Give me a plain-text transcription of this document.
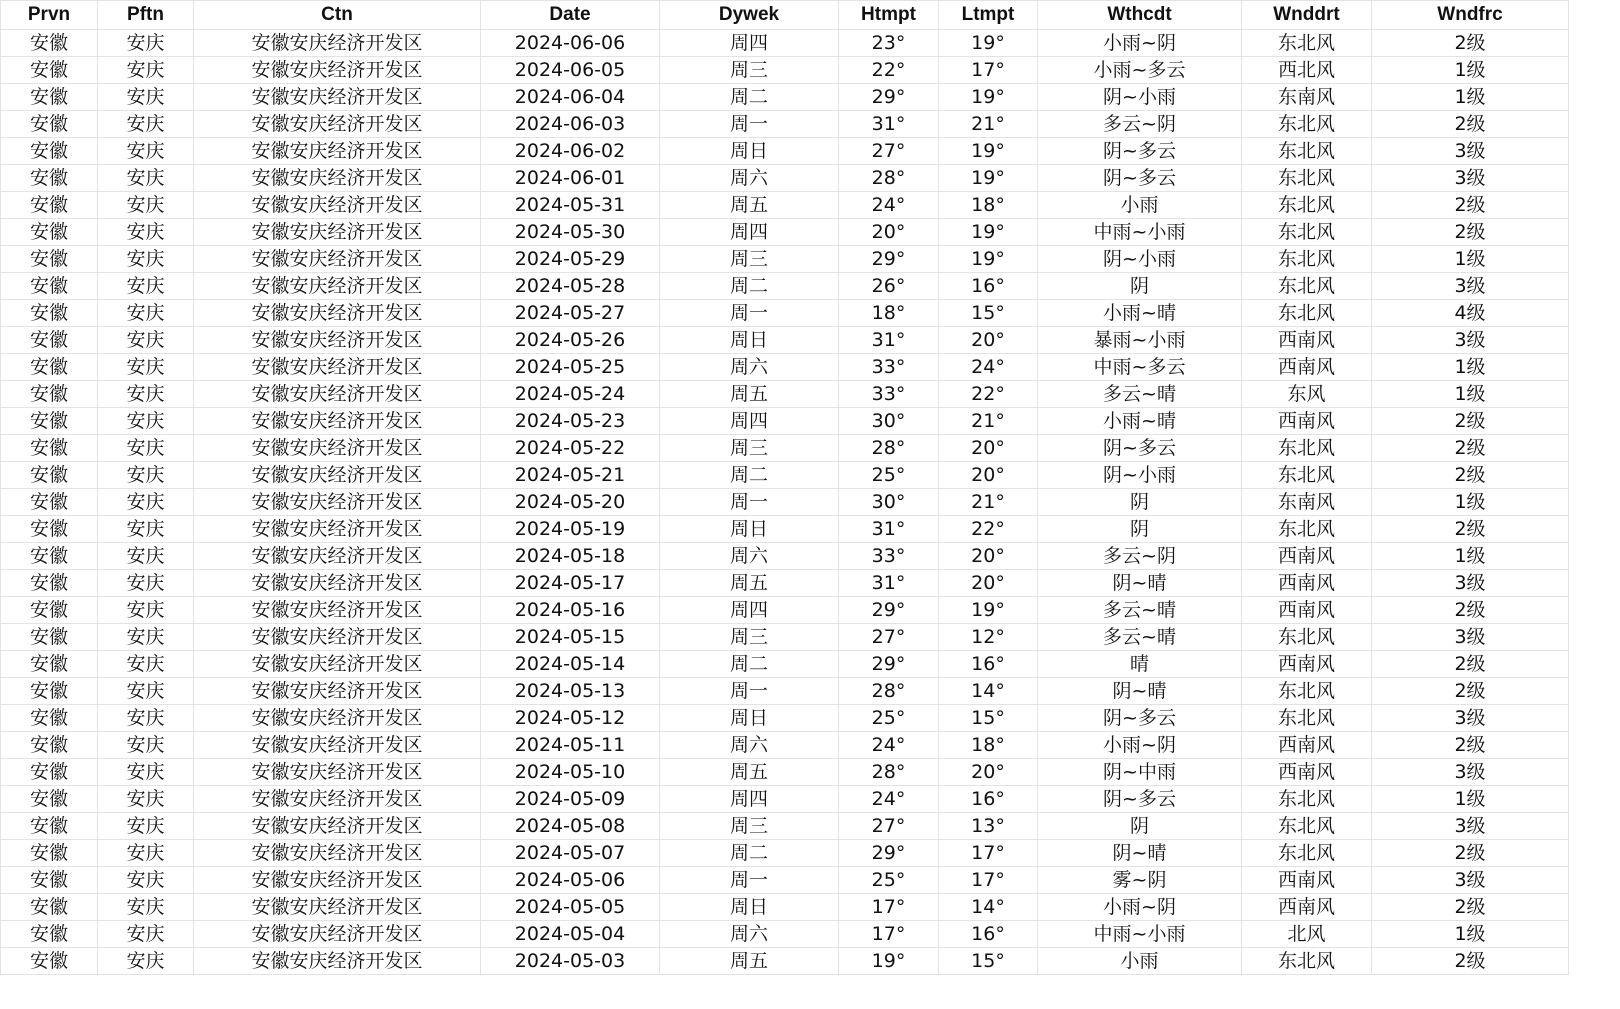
Prvn	Pftn	Ctn	Date	Dywek	Htmpt	Ltmpt	Wthcdt	Wnddrt	Wndfrc
安徽	安庆	安徽安庆经济开发区	2024-06-06	周四	23°	19°	小雨~阴	东北风	2级
安徽	安庆	安徽安庆经济开发区	2024-06-05	周三	22°	17°	小雨~多云	西北风	1级
安徽	安庆	安徽安庆经济开发区	2024-06-04	周二	29°	19°	阴~小雨	东南风	1级
安徽	安庆	安徽安庆经济开发区	2024-06-03	周一	31°	21°	多云~阴	东北风	2级
安徽	安庆	安徽安庆经济开发区	2024-06-02	周日	27°	19°	阴~多云	东北风	3级
安徽	安庆	安徽安庆经济开发区	2024-06-01	周六	28°	19°	阴~多云	东北风	3级
安徽	安庆	安徽安庆经济开发区	2024-05-31	周五	24°	18°	小雨	东北风	2级
安徽	安庆	安徽安庆经济开发区	2024-05-30	周四	20°	19°	中雨~小雨	东北风	2级
安徽	安庆	安徽安庆经济开发区	2024-05-29	周三	29°	19°	阴~小雨	东北风	1级
安徽	安庆	安徽安庆经济开发区	2024-05-28	周二	26°	16°	阴	东北风	3级
安徽	安庆	安徽安庆经济开发区	2024-05-27	周一	18°	15°	小雨~晴	东北风	4级
安徽	安庆	安徽安庆经济开发区	2024-05-26	周日	31°	20°	暴雨~小雨	西南风	3级
安徽	安庆	安徽安庆经济开发区	2024-05-25	周六	33°	24°	中雨~多云	西南风	1级
安徽	安庆	安徽安庆经济开发区	2024-05-24	周五	33°	22°	多云~晴	东风	1级
安徽	安庆	安徽安庆经济开发区	2024-05-23	周四	30°	21°	小雨~晴	西南风	2级
安徽	安庆	安徽安庆经济开发区	2024-05-22	周三	28°	20°	阴~多云	东北风	2级
安徽	安庆	安徽安庆经济开发区	2024-05-21	周二	25°	20°	阴~小雨	东北风	2级
安徽	安庆	安徽安庆经济开发区	2024-05-20	周一	30°	21°	阴	东南风	1级
安徽	安庆	安徽安庆经济开发区	2024-05-19	周日	31°	22°	阴	东北风	2级
安徽	安庆	安徽安庆经济开发区	2024-05-18	周六	33°	20°	多云~阴	西南风	1级
安徽	安庆	安徽安庆经济开发区	2024-05-17	周五	31°	20°	阴~晴	西南风	3级
安徽	安庆	安徽安庆经济开发区	2024-05-16	周四	29°	19°	多云~晴	西南风	2级
安徽	安庆	安徽安庆经济开发区	2024-05-15	周三	27°	12°	多云~晴	东北风	3级
安徽	安庆	安徽安庆经济开发区	2024-05-14	周二	29°	16°	晴	西南风	2级
安徽	安庆	安徽安庆经济开发区	2024-05-13	周一	28°	14°	阴~晴	东北风	2级
安徽	安庆	安徽安庆经济开发区	2024-05-12	周日	25°	15°	阴~多云	东北风	3级
安徽	安庆	安徽安庆经济开发区	2024-05-11	周六	24°	18°	小雨~阴	西南风	2级
安徽	安庆	安徽安庆经济开发区	2024-05-10	周五	28°	20°	阴~中雨	西南风	3级
安徽	安庆	安徽安庆经济开发区	2024-05-09	周四	24°	16°	阴~多云	东北风	1级
安徽	安庆	安徽安庆经济开发区	2024-05-08	周三	27°	13°	阴	东北风	3级
安徽	安庆	安徽安庆经济开发区	2024-05-07	周二	29°	17°	阴~晴	东北风	2级
安徽	安庆	安徽安庆经济开发区	2024-05-06	周一	25°	17°	雾~阴	西南风	3级
安徽	安庆	安徽安庆经济开发区	2024-05-05	周日	17°	14°	小雨~阴	西南风	2级
安徽	安庆	安徽安庆经济开发区	2024-05-04	周六	17°	16°	中雨~小雨	北风	1级
安徽	安庆	安徽安庆经济开发区	2024-05-03	周五	19°	15°	小雨	东北风	2级
